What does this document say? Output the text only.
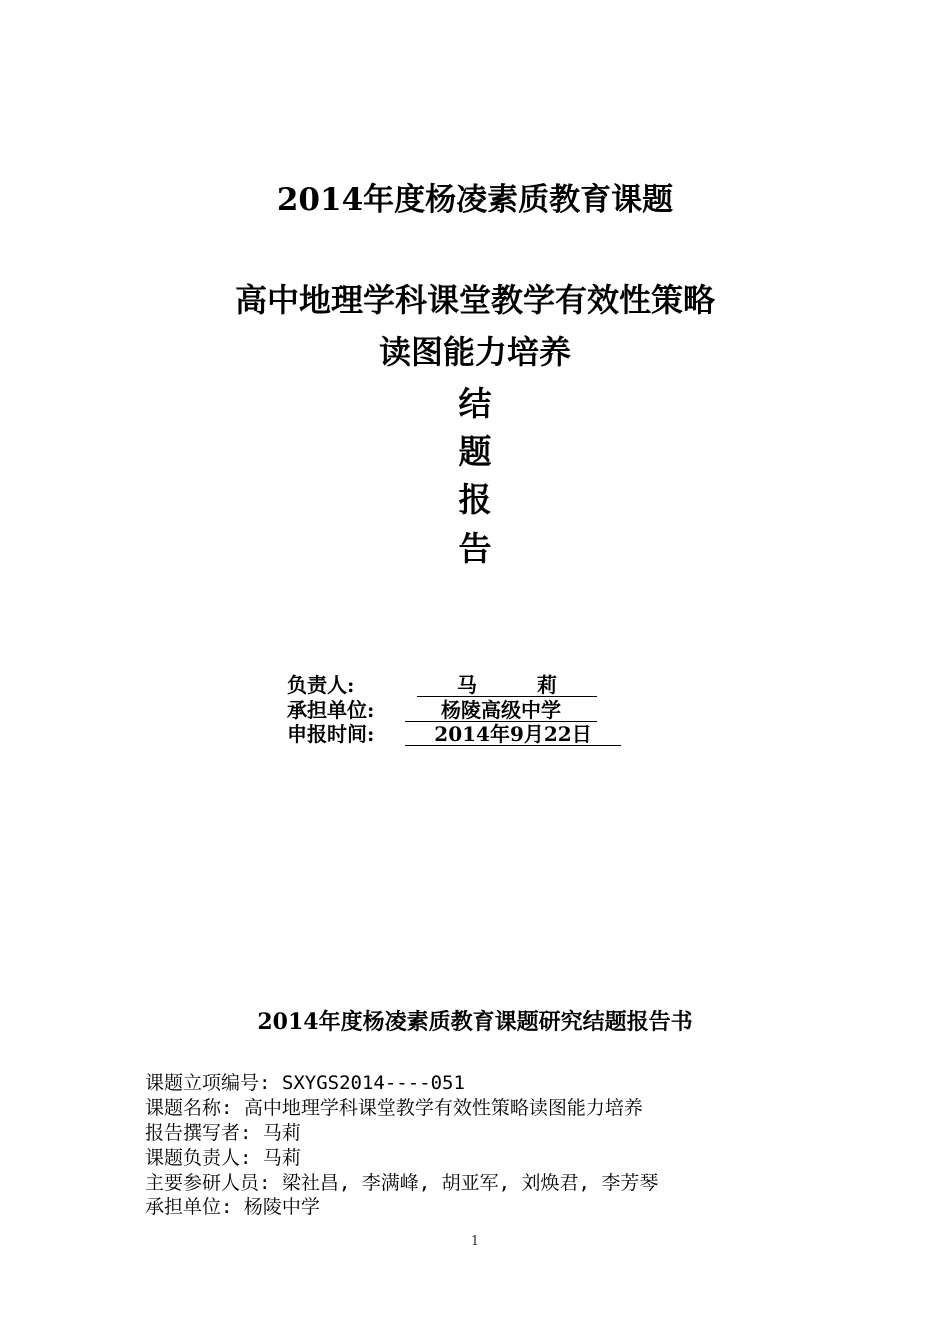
2014年度杨凌素质教育课题
高中地理学科课堂教学有效性策略
读图能力培养
结
题
报
告
负责人:	马　　　莉
承担单位:	杨陵高级中学
申报时间:	2014年9月22日
2014年度杨凌素质教育课题研究结题报告书
课题立项编号: SXYGS2014----051
课题名称: 高中地理学科课堂教学有效性策略读图能力培养
报告撰写者: 马莉
课题负责人: 马莉
主要参研人员: 梁社昌, 李满峰, 胡亚军, 刘焕君, 李芳琴
承担单位: 杨陵中学
1
